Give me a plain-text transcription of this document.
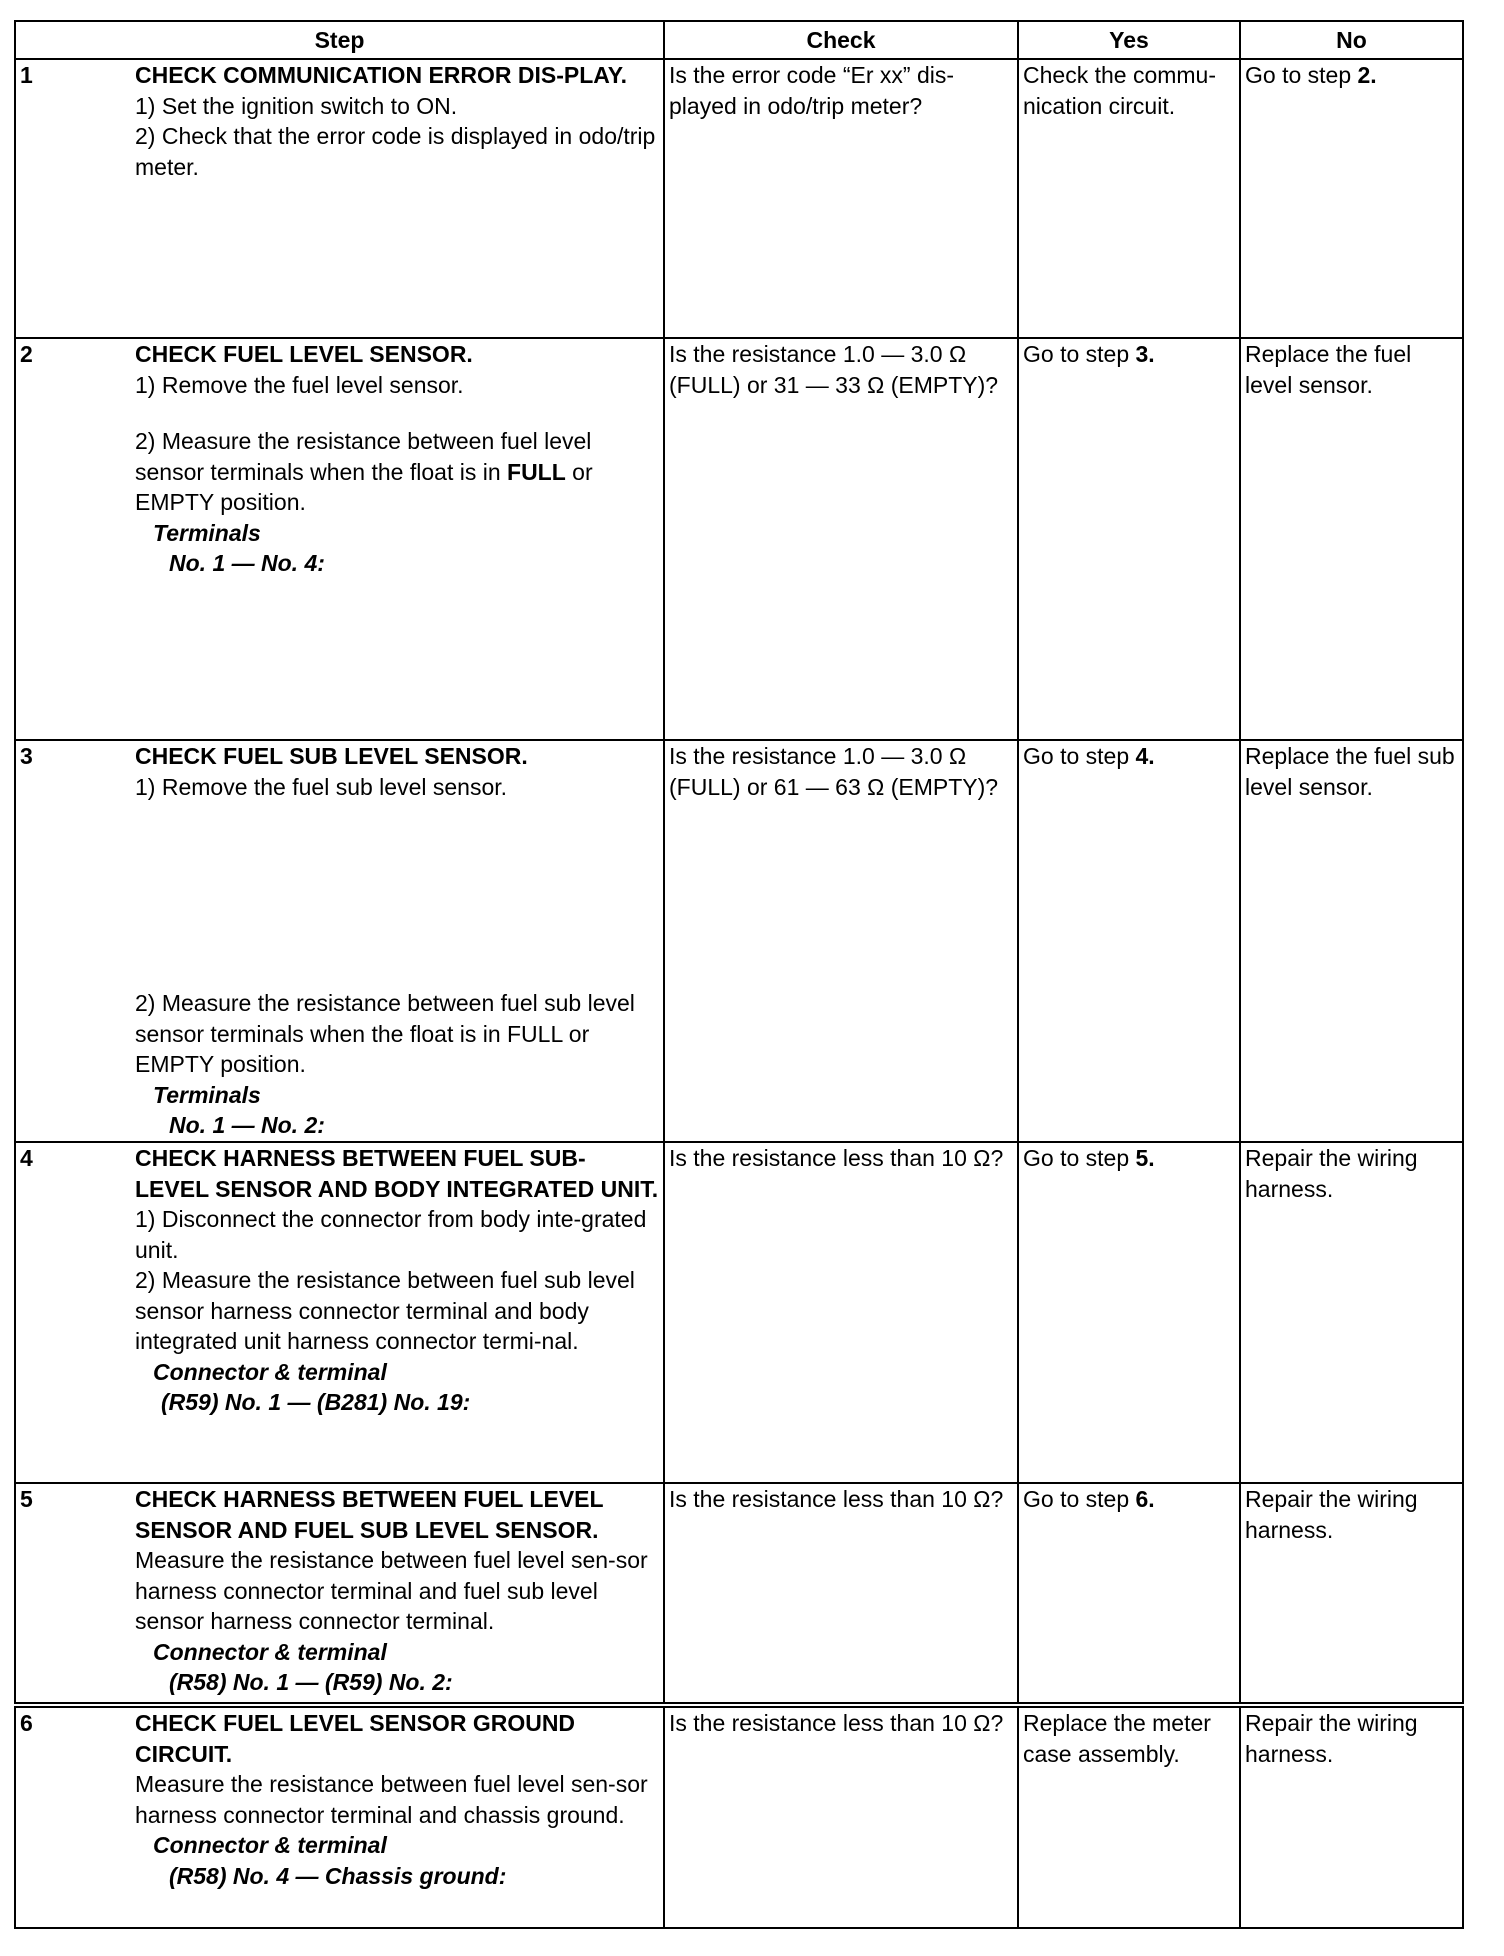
Step		Check	Yes	No
1	CHECK COMMUNICATION ERROR DIS-PLAY.
1) Set the ignition switch to ON.
2) Check that the error code is displayed in odo/trip meter.	Is the error code “Er xx” dis-played in odo/trip meter?	Check the commu-nication circuit.	Go to step 2.
2	CHECK FUEL LEVEL SENSOR.
1) Remove the fuel level sensor.
2) Measure the resistance between fuel level sensor terminals when the float is in FULL or EMPTY position.
Terminals
No. 1 — No. 4:	Is the resistance 1.0 — 3.0 Ω (FULL) or 31 — 33 Ω (EMPTY)?	Go to step 3.	Replace the fuel level sensor.
3	CHECK FUEL SUB LEVEL SENSOR.
1) Remove the fuel sub level sensor.
2) Measure the resistance between fuel sub level sensor terminals when the float is in FULL or EMPTY position.
Terminals
No. 1 — No. 2:	Is the resistance 1.0 — 3.0 Ω (FULL) or 61 — 63 Ω (EMPTY)?	Go to step 4.	Replace the fuel sub level sensor.
4	CHECK HARNESS BETWEEN FUEL SUB-LEVEL SENSOR AND BODY INTEGRATED UNIT.
1) Disconnect the connector from body inte-grated unit.
2) Measure the resistance between fuel sub level sensor harness connector terminal and body integrated unit harness connector termi-nal.
Connector & terminal
(R59) No. 1 — (B281) No. 19:	Is the resistance less than 10 Ω?	Go to step 5.	Repair the wiring harness.
5	CHECK HARNESS BETWEEN FUEL LEVEL SENSOR AND FUEL SUB LEVEL SENSOR.
Measure the resistance between fuel level sen-sor harness connector terminal and fuel sub level sensor harness connector terminal.
Connector & terminal
(R58) No. 1 — (R59) No. 2:	Is the resistance less than 10 Ω?	Go to step 6.	Repair the wiring harness.
6	CHECK FUEL LEVEL SENSOR GROUND CIRCUIT.
Measure the resistance between fuel level sen-sor harness connector terminal and chassis ground.
Connector & terminal
(R58) No. 4 — Chassis ground:	Is the resistance less than 10 Ω?	Replace the meter case assembly.	Repair the wiring harness.
